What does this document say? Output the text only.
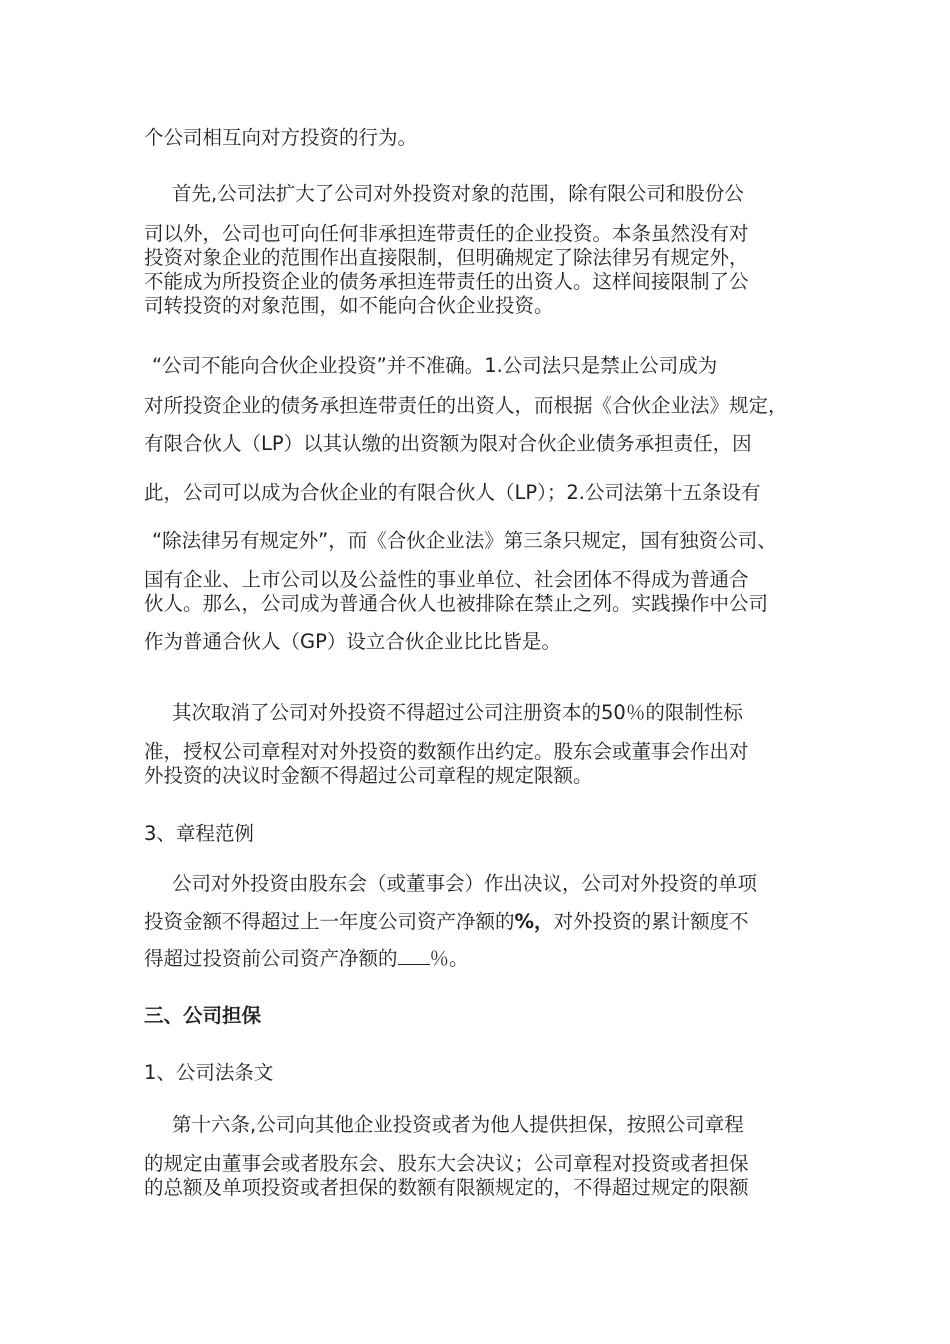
个公司相互向对方投资的行为。
首先,公司法扩大了公司对外投资对象的范围，除有限公司和股份公
司以外，公司也可向任何非承担连带责任的企业投资。本条虽然没有对
投资对象企业的范围作出直接限制，但明确规定了除法律另有规定外，
不能成为所投资企业的债务承担连带责任的出资人。这样间接限制了公
司转投资的对象范围，如不能向合伙企业投资。
“公司不能向合伙企业投资”并不准确。1.公司法只是禁止公司成为
对所投资企业的债务承担连带责任的出资人，而根据《合伙企业法》规定，
有限合伙人（LP）以其认缴的出资额为限对合伙企业债务承担责任，因
此，公司可以成为合伙企业的有限合伙人（LP）；2.公司法第十五条设有
“除法律另有规定外”，而《合伙企业法》第三条只规定，国有独资公司、
国有企业、上市公司以及公益性的事业单位、社会团体不得成为普通合
伙人。那么，公司成为普通合伙人也被排除在禁止之列。实践操作中公司
作为普通合伙人（GP）设立合伙企业比比皆是。
其次取消了公司对外投资不得超过公司注册资本的50％的限制性标
准，授权公司章程对对外投资的数额作出约定。股东会或董事会作出对
外投资的决议时金额不得超过公司章程的规定限额。
3、章程范例
公司对外投资由股东会（或董事会）作出决议，公司对外投资的单项
投资金额不得超过上一年度公司资产净额的%，对外投资的累计额度不
得超过投资前公司资产净额的 ％。
三、公司担保
1、公司法条文
第十六条,公司向其他企业投资或者为他人提供担保，按照公司章程
的规定由董事会或者股东会、股东大会决议；公司章程对投资或者担保
的总额及单项投资或者担保的数额有限额规定的，不得超过规定的限额
